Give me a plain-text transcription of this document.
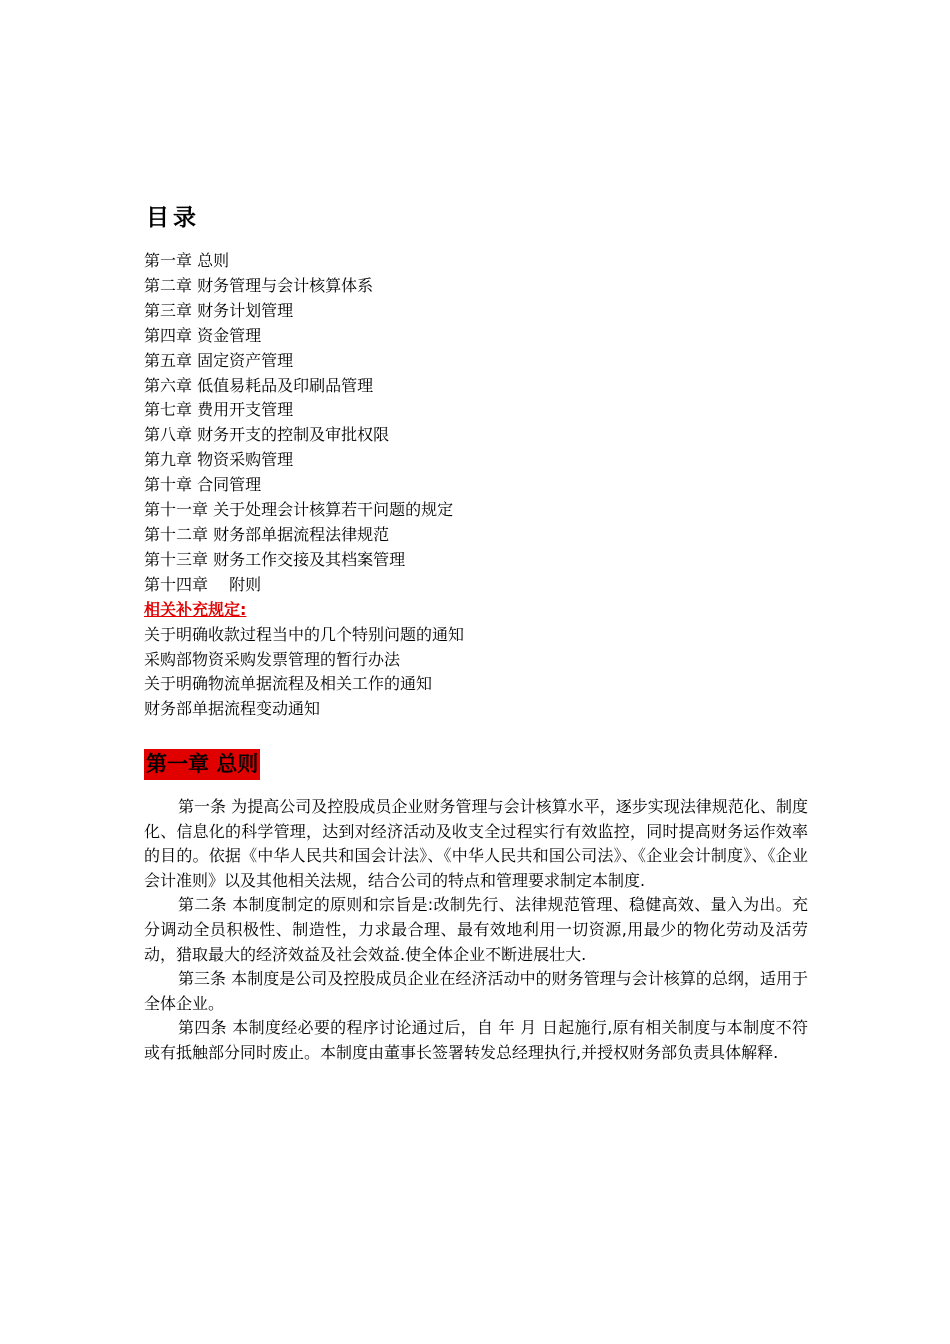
目录
第一章 总则
第二章 财务管理与会计核算体系
第三章 财务计划管理
第四章 资金管理
第五章 固定资产管理
第六章 低值易耗品及印刷品管理
第七章 费用开支管理
第八章 财务开支的控制及审批权限
第九章 物资采购管理
第十章 合同管理
第十一章 关于处理会计核算若干问题的规定
第十二章 财务部单据流程法律规范
第十三章 财务工作交接及其档案管理
第十四章　 附则
相关补充规定:
关于明确收款过程当中的几个特别问题的通知
采购部物资采购发票管理的暂行办法
关于明确物流单据流程及相关工作的通知
财务部单据流程变动通知
第一章 总则

第一条 为提高公司及控股成员企业财务管理与会计核算水平，逐步实现法律规范化、制度化、信息化的科学管理，达到对经济活动及收支全过程实行有效监控，同时提高财务运作效率的目的。依据《中华人民共和国会计法》、《中华人民共和国公司法》、《企业会计制度》、《企业会计准则》以及其他相关法规，结合公司的特点和管理要求制定本制度.

第二条 本制度制定的原则和宗旨是:改制先行、法律规范管理、稳健高效、量入为出。充分调动全员积极性、制造性，力求最合理、最有效地利用一切资源,用最少的物化劳动及活劳动，猎取最大的经济效益及社会效益.使全体企业不断进展壮大.

第三条 本制度是公司及控股成员企业在经济活动中的财务管理与会计核算的总纲，适用于全体企业。

第四条 本制度经必要的程序讨论通过后，自 年 月 日起施行,原有相关制度与本制度不符或有抵触部分同时废止。本制度由董事长签署转发总经理执行,并授权财务部负责具体解释.
